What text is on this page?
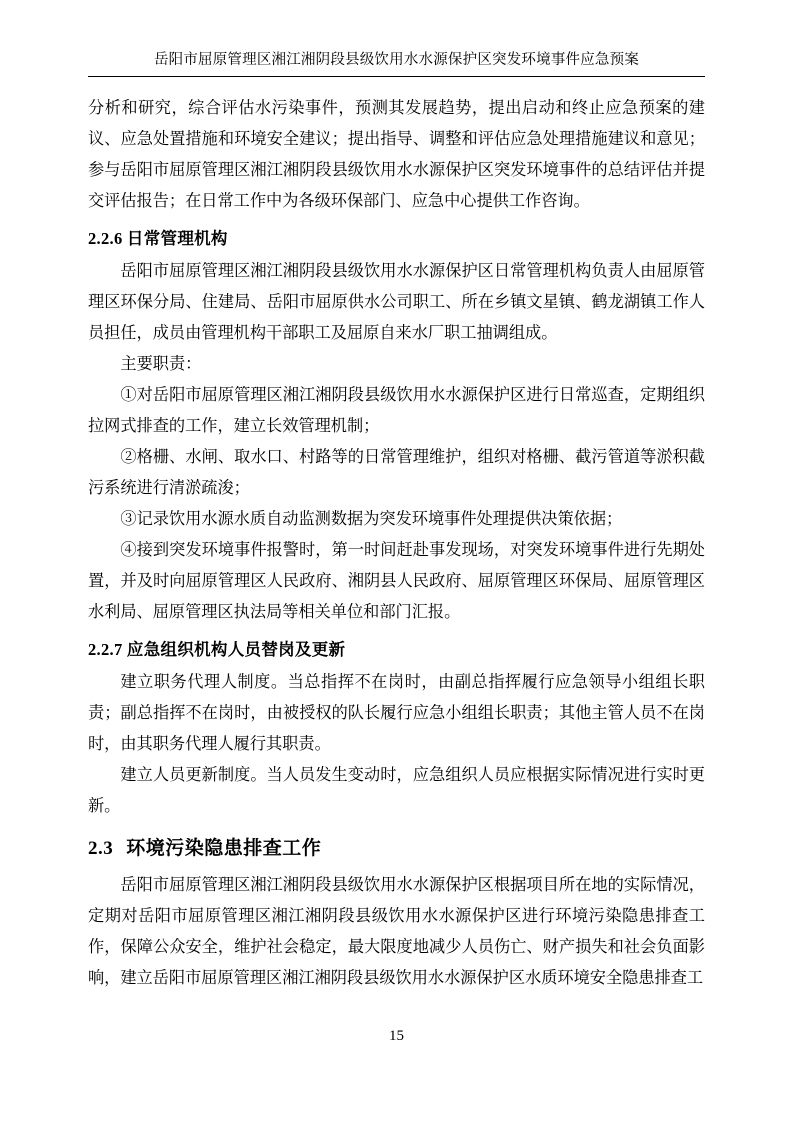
岳阳市屈原管理区湘江湘阴段县级饮用水水源保护区突发环境事件应急预案

分析和研究，综合评估水污染事件，预测其发展趋势，提出启动和终止应急预案的建议、应急处置措施和环境安全建议；提出指导、调整和评估应急处理措施建议和意见；参与岳阳市屈原管理区湘江湘阴段县级饮用水水源保护区突发环境事件的总结评估并提交评估报告；在日常工作中为各级环保部门、应急中心提供工作咨询。

2.2.6 日常管理机构

岳阳市屈原管理区湘江湘阴段县级饮用水水源保护区日常管理机构负责人由屈原管理区环保分局、住建局、岳阳市屈原供水公司职工、所在乡镇文星镇、鹤龙湖镇工作人员担任，成员由管理机构干部职工及屈原自来水厂职工抽调组成。

主要职责：

①对岳阳市屈原管理区湘江湘阴段县级饮用水水源保护区进行日常巡查，定期组织拉网式排查的工作，建立长效管理机制；

②格栅、水闸、取水口、村路等的日常管理维护，组织对格栅、截污管道等淤积截污系统进行清淤疏浚；

③记录饮用水源水质自动监测数据为突发环境事件处理提供决策依据；

④接到突发环境事件报警时，第一时间赶赴事发现场，对突发环境事件进行先期处置，并及时向屈原管理区人民政府、湘阴县人民政府、屈原管理区环保局、屈原管理区水利局、屈原管理区执法局等相关单位和部门汇报。

2.2.7 应急组织机构人员替岗及更新

建立职务代理人制度。当总指挥不在岗时，由副总指挥履行应急领导小组组长职责；副总指挥不在岗时，由被授权的队长履行应急小组组长职责；其他主管人员不在岗时，由其职务代理人履行其职责。

建立人员更新制度。当人员发生变动时，应急组织人员应根据实际情况进行实时更新。

2.3 环境污染隐患排查工作

岳阳市屈原管理区湘江湘阴段县级饮用水水源保护区根据项目所在地的实际情况，定期对岳阳市屈原管理区湘江湘阴段县级饮用水水源保护区进行环境污染隐患排查工作，保障公众安全，维护社会稳定，最大限度地减少人员伤亡、财产损失和社会负面影响，建立岳阳市屈原管理区湘江湘阴段县级饮用水水源保护区水质环境安全隐患排查工

15
